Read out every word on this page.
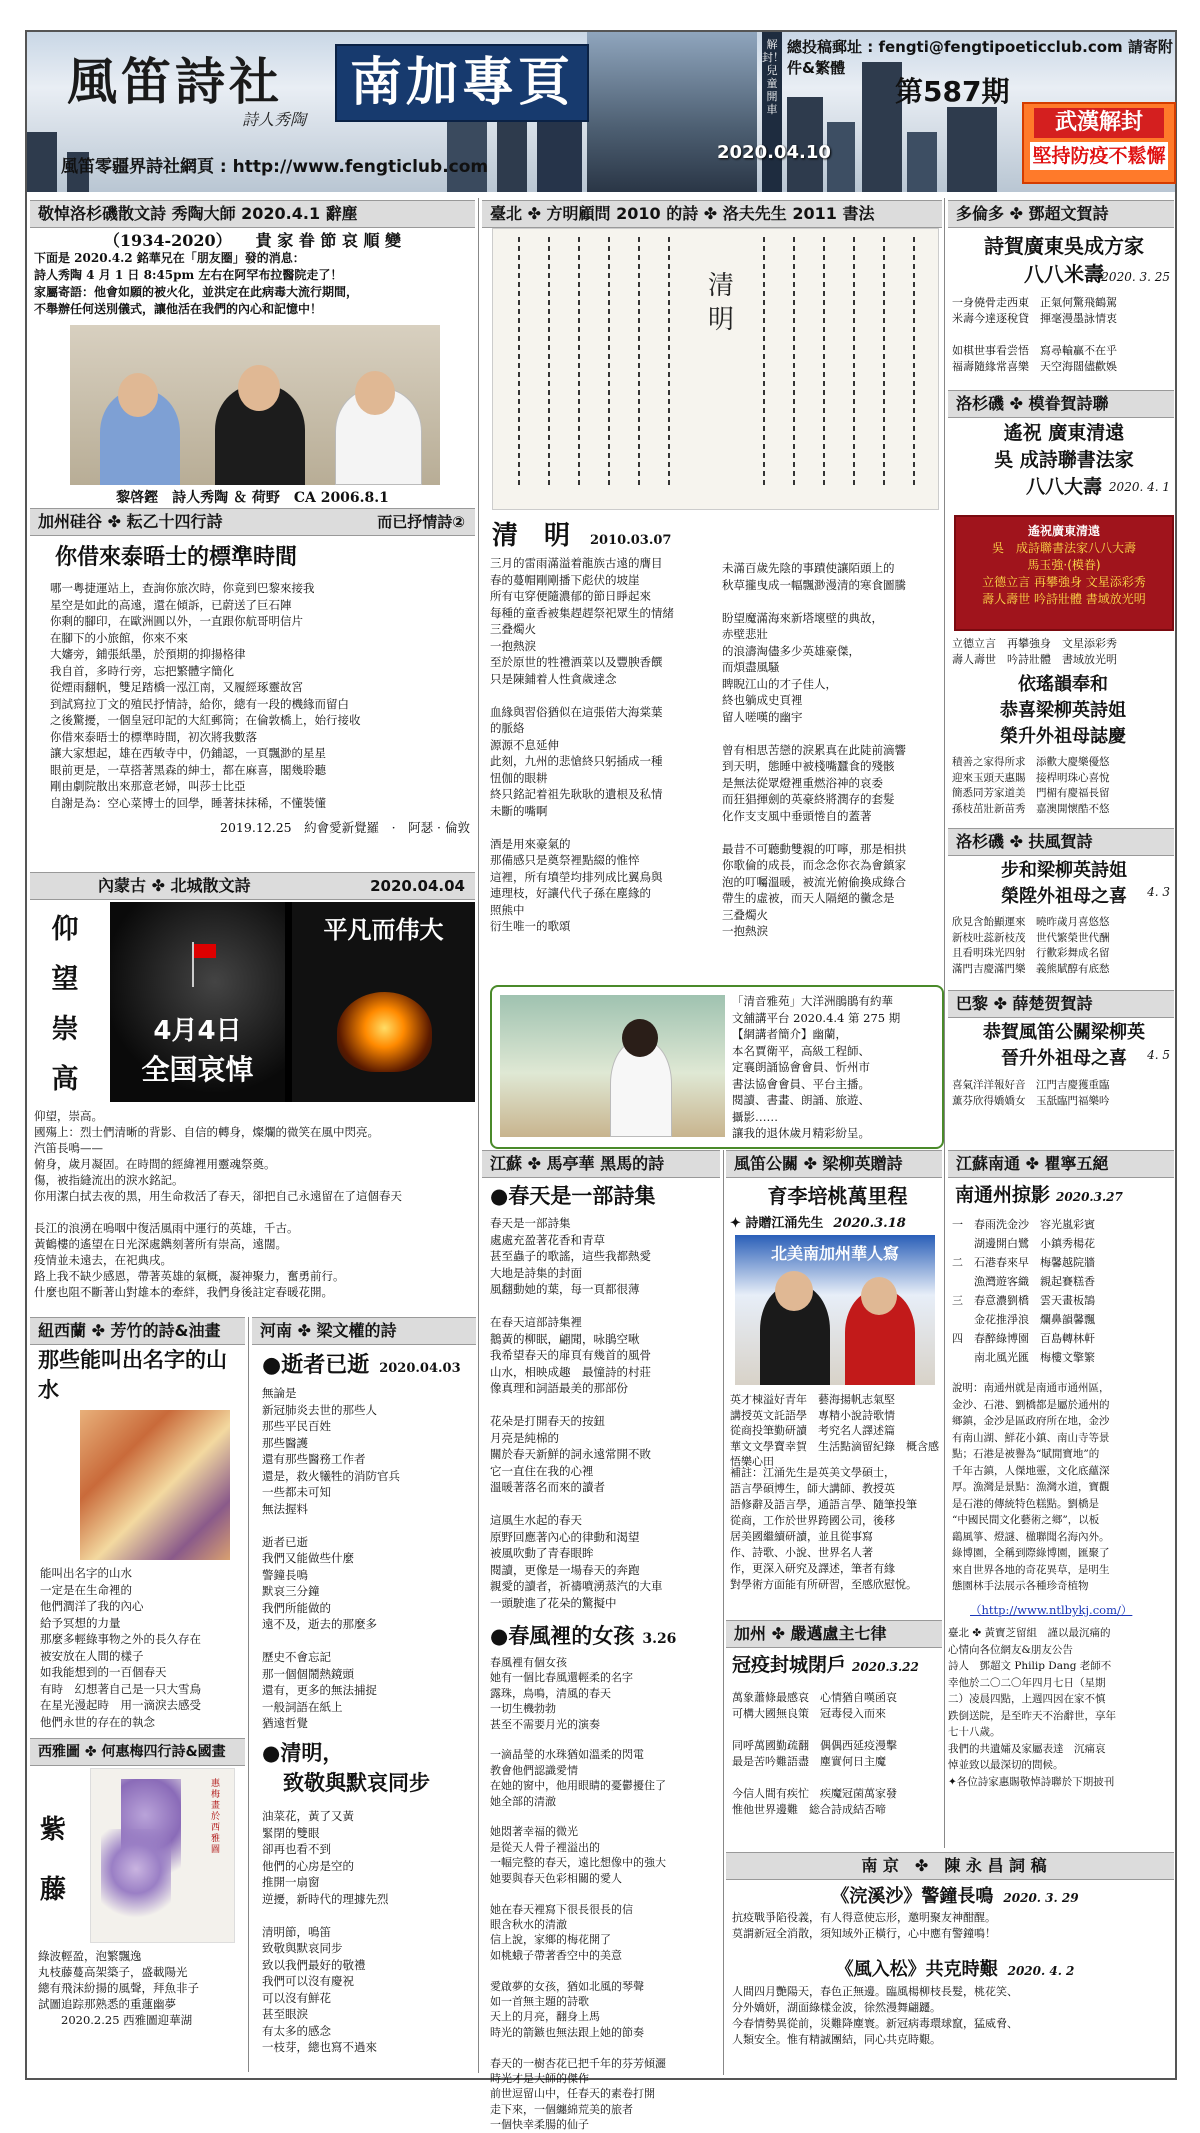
解封！兒童開車
風笛詩社
詩人秀陶
南加專頁
風笛零疆界詩社網頁 : http://www.fengticlub.com
2020.04.10
總投稿郵址 : fengti@fengtipoeticclub.com 請寄附件&繁體
第587期
武漢解封
堅持防疫不鬆懈
敬悼洛杉磯散文詩 秀陶大師 2020.4.1 辭塵
（1934-2020）　　貴 家 眷 節 哀 順 變
下面是 2020.4.2 銘華兄在「朋友圈」發的消息：
詩人秀陶 4 月 1 日 8:45pm 左右在阿罕布拉醫院走了！
家屬寄語：他會如願的被火化，並洪定在此病毒大流行期間，
不舉辦任何送別儀式，讓他活在我們的內心和記憶中！
黎啓鏗　詩人秀陶 ＆ 荷野　CA 2006.8.1
加州硅谷 ✤ 耘乙十四行詩	而已抒情詩②
你借來泰晤士的標準時間
哪一粵捷運站上，查詢你旅次時，你竟到巴黎來接我
星空是如此的高遠，還在傾訴，已蔚送了巨石陣
你剩的腳印，在歐洲圓以外，一直跟你航哥明信片
在腳下的小旅館，你來不來
大嬸旁，鋪張紙墨，於預期的抑揚格律
我自首，多時行旁，忘把繁體字簡化
從煙雨翻帆，雙足踏橋一泓江南，又履經琢靈故宮
到試寫拉丁文的殖民抒情詩，給你，總有一段的機緣而留白
之後驚擾，一個皇冠印記的大紅郵筒；在倫敦橋上，始行接收
你借來泰晤士的標準時間，初次將我數落
讓大家想起，雄在西敏寺中，仍鋪認，一頁飄渺的星星
眼前更是，一草搭著黑森的紳士，都在麻喜，閣幾聆聽
剛由劇院散出來那意老婦，叫莎士比亞
自謝是為：空心菜博士的回學，睡著抹抹稀，不懂裝懂
2019.12.25　約會愛新覺羅　·　阿瑟 · 倫敦
內蒙古 ✤ 北城散文詩	2020.04.04
仰
望
崇
高
4月4日
全国哀悼
平凡而伟大
仰望，崇高。
國殤上：烈士們清晰的背影、自信的轉身，燦爛的微笑在風中閃亮。
汽笛長鳴——
俯身，歲月凝固。在時間的經緯裡用靈魂祭奠。
傷，被指縫流出的淚水銘記。
你用潔白拭去夜的黑，用生命救活了春天，卻把自己永遠留在了這個春天

長江的浪湧在嗚咽中復活風雨中運行的英雄，千古。
黃鶴樓的遙望在日光深處鐫刻著所有崇高，遠闊。
疫情並未遠去，在祀典戌。
路上我不缺少感恩，帶著英雄的氣概，凝神聚力，奮勇前行。
什麼也阻不斷著山對雄本的牽絆，我們身後註定春暖花開。
紐西蘭 ✤ 芳竹的詩&油畫
那些能叫出名字的山水
能叫出名字的山水
一定是在生命裡的
他們澗洋了我的內心
給予冥想的力量
那麼多輕綠事物之外的長久存在
被安放在人間的樣子
如我能想到的一百個春天
有時　幻想著自己是一只大雪鳥
在星光漫起時　用一滴淚去感受
他們永世的存在的執念
西雅圖 ✤ 何惠梅四行詩&國畫
紫
藤
惠梅畫於西雅圖
綠波輕盈，泡繁飄逸
丸枝藤蔓高架築子，盛載陽光
總有飛沫紛揚的風聲，拜魚非子
試圖追踪那熟悉的重蓮幽夢
　　2020.2.25 西雅圖迎華湖
河南 ✤ 梁文權的詩
●逝者已逝 2020.04.03
無論是
新冠肺炎去世的那些人
那些平民百姓
那些醫護
還有那些醫務工作者
還是，救火犧牲的消防官兵
一些都未可知
無法握料

逝者已逝
我們又能做些什麼
警鐘長鳴
默哀三分鐘
我們所能做的
遠不及，逝去的那麼多

歷史不會忘記
那一個個鬧熱鏡頭
還有，更多的無法捕捉
一般詞語在紙上
猶遠哲覺
●清明，
　致敬與默哀同步
油菜花，黃了又黃
緊閉的雙眼
卻再也看不到
他們的心房是空的
推開一扇窗
逆擾，新時代的理據先烈

清明節，鳴笛
致敬與默哀同步
致以我們最好的敬禮
我們可以沒有慶祝
可以沒有鮮花
甚至眼淚
有太多的感念
一枝芽，總也寫不過來
臺北 ✤ 方明顧問 2010 的詩 ✤ 洛夫先生 2011 書法
清明
清　明 2010.03.07
三月的雷雨滿溢着龍族古遠的膺目
春的蔓帽剛剛播下彪伏的坡崖
所有屯穿便隨濃郁的節日睜起來
每種的童香被集趕趕祭祀眾生的情緒
三叠燭火
一抱熱淚
至於原世的牲禮酒菜以及豐腴香饌
只是陳鋪着人性貪歲達念

血緣與習俗猶似在這張偌大海棠葉
的脈絡
源源不息延伸
此刻，九州的悲愴終只躬插成一種
忸伽的眼耕
終只銘記着祖先耿耿的遺根及私情
未斷的嘴啊

酒是用來豪氣的
那備感只是奠祭裡點綴的惟悴
這裡，所有墳塋均排列成比翼鳥與
連理枝，好讓代代子孫在塵緣的
照熊中
衍生唯一的歌頌
未滿百歲先陰的事蹟使讓陌頭上的
秋草攏曳成一幅飄渺漫清的寒食圖騰

盼望魔滿海來新塔壞壁的典故，
赤壁悲壯
的浪濤淘儘多少英雄豪傑，
而煩盡風騷
睥睨江山的才子佳人，
終也躺成史頁裡
留人嗟嘆的幽宇

曾有相思苦戀的淚累真在此陡前滴響
到天明，態睡中被棧嘴蠶食的殘骸
是無法從眾燈裡重燃浴神的哀委
而狂猖揮劍的英豪終將潤存的套髮
化作支支風中垂頭惓自的蓋著

最昔不可聽動雙親的叮嚀，那是相拱
你歌倫的成長，而念念你衣為會鎮家
泡的叮囑溫暖，被流光俯偷換成綠合
帶生的虛被，而天人隔絕的黴念是
三叠燭火
一抱熱淚
「清音雅苑」大洋洲鵑鵑有約華
文舖講平台 2020.4.4 第 275 期
【網講者簡介】幽蘭，
本名賈衛平，高級工程師、
定襄朗誦協會會員、忻州市
書法協會會員、平台主播。
閱讀、書畫、朗誦、旅遊、
攝影……
讓我的退休歲月精彩紛呈。
江蘇 ✤ 馬亭華 黑馬的詩
●春天是一部詩集
春天是一部詩集
處處充盈著花香和青草
甚至蟲子的歌謠，這些我都熱愛
大地是詩集的封面
風翻動她的葉，每一頁都很薄

在春天這部詩集裡
鵝黃的柳眠，翩聞，咏鵑空啾
我希望春天的扉頁有幾首的風骨
山水，相映成趣　最憧詩的村莊
像真理和詞語最美的那部份

花朵是打開春天的按鈕
月亮是純棉的
關於春天新鮮的詞永遠常開不敗
它一直住在我的心裡
溫暖著落名而來的讀者

這風生水起的春天
原野回應著內心的律動和渴望
被風吹動了青春眼眸
閱讀，更像是一場春天的奔跑
親愛的讀者，祈禱噴湧蒸汽的大車
一頭駛進了花朵的驚擬中
●春風裡的女孩 3.26
春風裡有個女孩
她有一個比春風還輕柔的名字
露珠，鳥鳴，清風的春天
一切生機勃勃
甚至不需要月光的演奏

一滴晶瑩的水珠猶如溫柔的閃電
教會他們認識愛情
在她的窗中，他用眼睛的憂鬱擾住了
她全部的清澈

她悶著幸福的微光
是從天人骨子裡溢出的
一幅完整的春天，遠比想像中的強大
她要與春天色彩相關的愛人

她在春天裡寫下很長很長的信
眼含秋水的清澈
信上說，家鄉的梅花開了
如桃蛾子帶著香空中的美意

愛啟夢的女孩，猶如北風的琴聲
如一首無主題的詩歌
天上的月亮，翻身上馬
時光的箭鏃也無法跟上她的節奏

春天的一樹杏花已把千年的芬芳傾灑
時光才是大師的傑作
前世逗留山中，任春天的素卷打開
走下來，一個纏綿荒美的旅者
一個快幸柔腸的仙子
風笛公關 ✤ 梁柳英贈詩
育李培桃萬里程
✦ 詩贈江涌先生 2020.3.18
北美南加州華人寫
英才棟溢好青年　藝海揚帆志氣堅
講授英文託語學　專精小說詩歌情
從商投筆勤研讀　考究名人譯述篇
華文文學寶幸賀　生活點滴留紀錄　概含感悟樂心田
補註：江涌先生是英美文學碩士，
語言學碩博生，師大講師、教授英
語修辭及語言學，通語言學、隨筆投筆
從商，工作於世界跨國公司，後移
居美國繼續研讀，並且從事寫
作、詩歌、小說、世界名人著
作，更深入研究及譯述，筆者有緣
對學術方面能有所研習，至感欣慰悅。
加州 ✤ 嚴邁盧主七律
冠疫封城閉戶 2020.3.22
萬象蕭條最感哀　心情猶自嘆函哀
可構大國無良策　冠毒侵入而來

同呼萬國勤疏翻　偶偶西延疫漫擊
最是苦吟難語盡　塵實何日主魔

今信人間有疾忙　疾魔冠菌萬家發
惟他世界邊難　総合詩成結否啼
多倫多 ✤ 鄧超文賀詩
詩賀廣東吳成方家
八八米壽
2020. 3. 25
一身僥骨走西東　正氣何驚飛鶴駕
米壽今達逐稅貸　揮毫漫墨詠情衷

如棋世事看尝悟　寫尋輸贏不在乎
福壽隨緣常喜樂　天空海闊儘歡娛
洛杉磯 ✤ 模眷賀詩聯
遙祝 廣東清遠
吳 成詩聯書法家
八八大壽 2020. 4. 1
遙祝廣東清遠
吳　成詩聯書法家八八大壽
馬玉強·(模眷)
立德立言 再攀強身 文星添彩秀
壽人壽世 吟詩壯體 書域放光明
立德立言　再攀強身　文星添彩秀
壽人壽世　吟詩壯體　書域放光明
依瑤韻奉和
恭喜梁柳英詩姐
榮升外祖母誌慶
積善之家得所求　添歡大慶樂優悠
迎來玉頭天惠賜　接桿明珠心喜悅
簡悉同芳家道美　門楣有慶福長留
孫枝茁壯新苗秀　嘉澳開懷酷不悠
洛杉磯 ✤ 扶風賀詩
步和梁柳英詩姐
榮陞外祖母之喜	4. 3
欣見含飴顯運來　曉昨歲月喜悠悠
新枝吐蕊新枝茂　世代繁榮世代酬
且看明珠光四射　行歡彩舞成名留
滿門吉慶滿門樂　義熊賦醇有底愁
巴黎 ✤ 薛楚贺賀詩
恭賀風笛公關梁柳英
晉升外祖母之喜	4. 5
喜氣洋洋報好音　江門吉慶獲重臨
薰芬欣得嬌嬌女　玉舐臨門福樂吟
江蘇南通 ✤ 瞿寧五絕
南通州掠影 2020.3.27
一　春雨洗金沙　容光嵐彩賓
　　湖邊開白鷺　小鎮秀楊花
二　石港春來早　梅馨越院牆
　　漁灣遊客織　親起賽糕香
三　春意濃劉橋　雲天畫板鵠
　　金花推淨浪　爛鼻韻馨飄
四　春醉綠博園　百島轉林軒
　　南北風光匯　梅樓文擎繁
說明：南通州就是南通市通州區，
金沙、石港、劉橋都是屬於通州的
鄉鎮，金沙是區政府所在地，金沙
有南山湖、鮮花小鎮、南山寺等景
點；石港是被譽為“賦閒寶地”的
千年古鎮，人傑地靈，文化底蘊深
厚。漁灣是景點：漁灣水道，寶觀
是石港的傳統特色糕點。劉橋是
“中國民間文化藝術之鄉”，以板
鷂風箏、燈謎、楹聯聞名海內外。
綠博園，全稱到際綠博園，匯聚了
來自世界各地的奇花異草，是明生
態園林手法展示各種珍奇植物
（http://www.ntlbykj.com/）
臺北 ✤ 黃寶芝留組　謹以最沉痛的
心情向各位網友&朋友公告
詩人　鄧超文 Philip Dang 老師不
幸他於二〇二〇年四月七日（星期
二）凌晨四點，上週四因在家不慎
跌倒送院，是至昨天不治辭世，享年
七十八歲。
我們的共遺孀及家屬表達　沉痛哀
悼並致以最深切的問候。
✦各位詩家惠賜敬悼詩聯於下期披刊
南 京　✤　陳 永 昌 詞 稿
《浣溪沙》警鐘長鳴 2020. 3. 29
抗疫戰爭陷役義，有人得意使忘形，邀明聚友神酣醒。
莫謂新冠全消散，須知域外正橫行，心中應有警鐘鳴！
《風入松》共克時艱 2020. 4. 2
人間四月艷陽天，春色正無邊。臨風楊柳枝長髮，桃花笑、
分外嬌妍，湖面綠樣金波，徐然漫舞翩躚。
今春情勢異從前，災難降塵寰。新冠病毒環球竄，猛威脅、
人類安全。惟有精誠團結，同心共克時艱。
